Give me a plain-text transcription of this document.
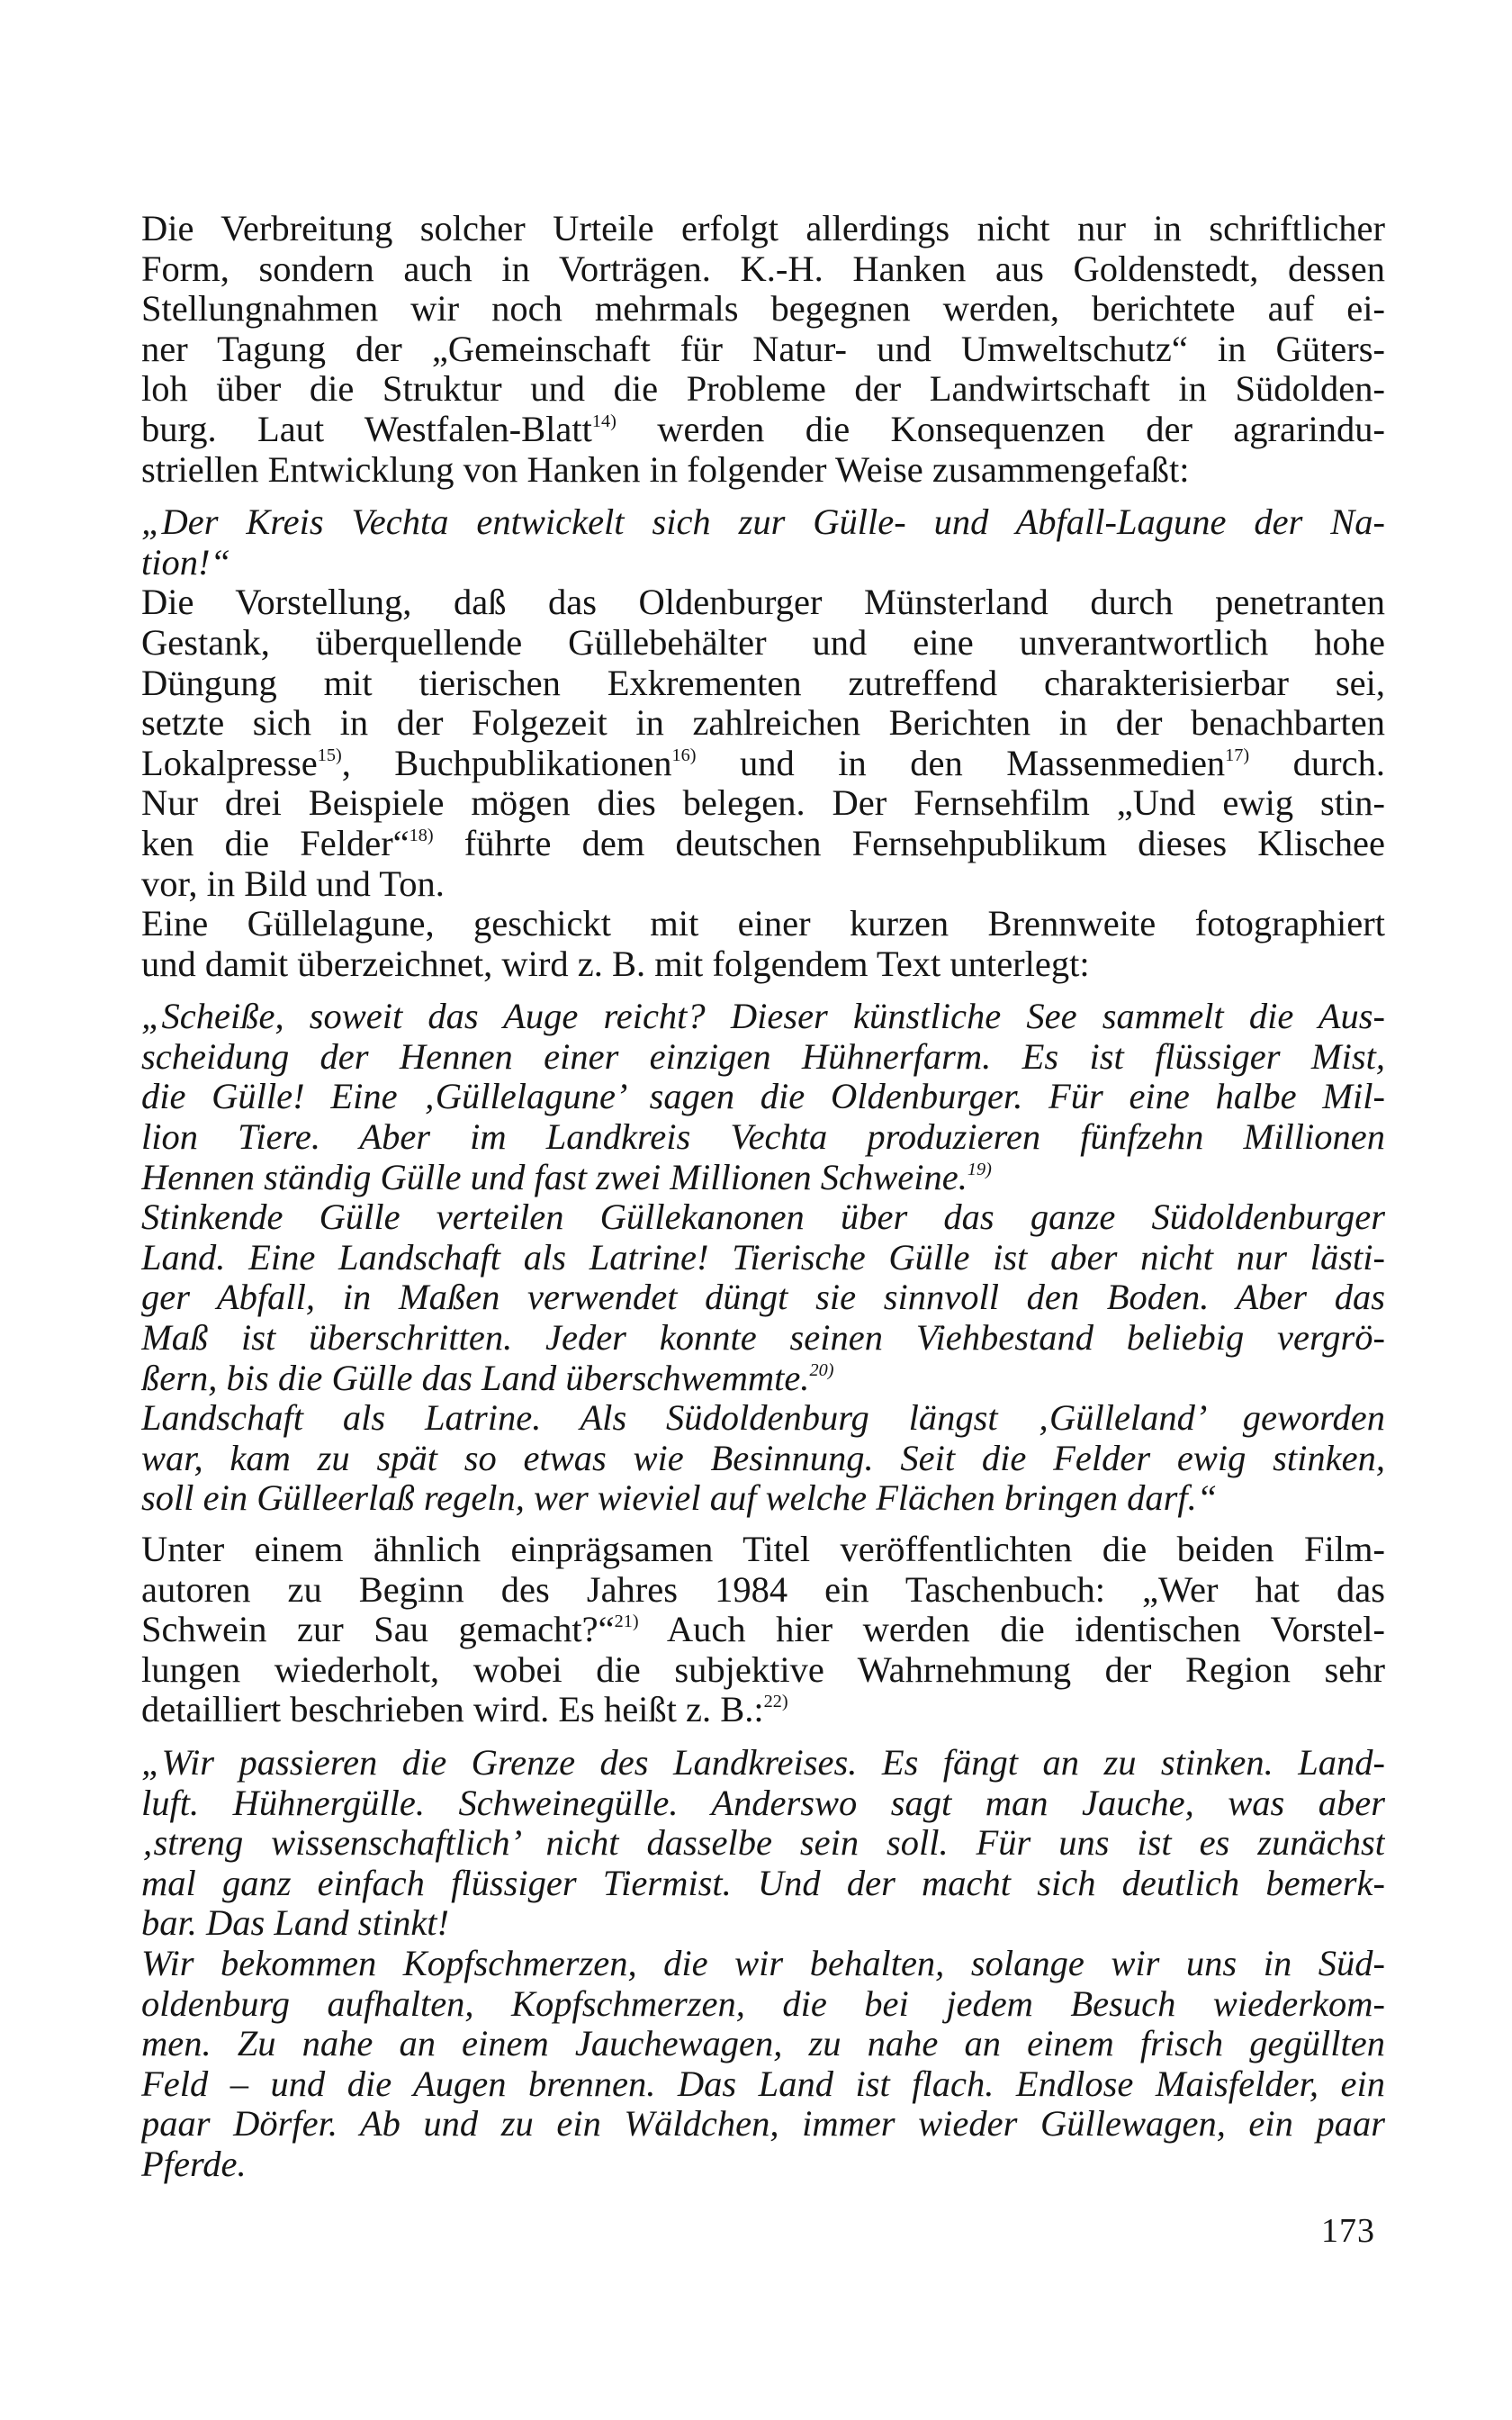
Die Verbreitung solcher Urteile erfolgt allerdings nicht nur in schriftlicher
Form, sondern auch in Vorträgen. K.-H. Hanken aus Goldenstedt, dessen
Stellungnahmen wir noch mehrmals begegnen werden, berichtete auf ei-
ner Tagung der „Gemeinschaft für Natur- und Umweltschutz“ in Güters-
loh über die Struktur und die Probleme der Landwirtschaft in Südolden-
burg. Laut Westfalen-Blatt$^{14)}$ werden die Konsequenzen der agrarindu-
striellen Entwicklung von Hanken in folgender Weise zusammengefaßt:

„Der Kreis Vechta entwickelt sich zur Gülle- und Abfall-Lagune der Na-
tion!“

Die Vorstellung, daß das Oldenburger Münsterland durch penetranten
Gestank, überquellende Güllebehälter und eine unverantwortlich hohe
Düngung mit tierischen Exkrementen zutreffend charakterisierbar sei,
setzte sich in der Folgezeit in zahlreichen Berichten in der benachbarten
Lokalpresse$^{15)}$, Buchpublikationen$^{16)}$ und in den Massenmedien$^{17)}$ durch.
Nur drei Beispiele mögen dies belegen. Der Fernsehfilm „Und ewig stin-
ken die Felder“$^{18)}$ führte dem deutschen Fernsehpublikum dieses Klischee
vor, in Bild und Ton.

Eine Güllelagune, geschickt mit einer kurzen Brennweite fotographiert
und damit überzeichnet, wird z. B. mit folgendem Text unterlegt:

„Scheiße, soweit das Auge reicht? Dieser künstliche See sammelt die Aus-
scheidung der Hennen einer einzigen Hühnerfarm. Es ist flüssiger Mist,
die Gülle! Eine ‚Güllelagune’ sagen die Oldenburger. Für eine halbe Mil-
lion Tiere. Aber im Landkreis Vechta produzieren fünfzehn Millionen
Hennen ständig Gülle und fast zwei Millionen Schweine.$^{19)}$
Stinkende Gülle verteilen Güllekanonen über das ganze Südoldenburger
Land. Eine Landschaft als Latrine! Tierische Gülle ist aber nicht nur lästi-
ger Abfall, in Maßen verwendet düngt sie sinnvoll den Boden. Aber das
Maß ist überschritten. Jeder konnte seinen Viehbestand beliebig vergrö-
ßern, bis die Gülle das Land überschwemmte.$^{20)}$
Landschaft als Latrine. Als Südoldenburg längst ‚Gülleland’ geworden
war, kam zu spät so etwas wie Besinnung. Seit die Felder ewig stinken,
soll ein Gülleerlaß regeln, wer wieviel auf welche Flächen bringen darf.“

Unter einem ähnlich einprägsamen Titel veröffentlichten die beiden Film-
autoren zu Beginn des Jahres 1984 ein Taschenbuch: „Wer hat das
Schwein zur Sau gemacht?“$^{21)}$ Auch hier werden die identischen Vorstel-
lungen wiederholt, wobei die subjektive Wahrnehmung der Region sehr
detailliert beschrieben wird. Es heißt z. B.:$^{22)}$

„Wir passieren die Grenze des Landkreises. Es fängt an zu stinken. Land-
luft. Hühnergülle. Schweinegülle. Anderswo sagt man Jauche, was aber
‚streng wissenschaftlich’ nicht dasselbe sein soll. Für uns ist es zunächst
mal ganz einfach flüssiger Tiermist. Und der macht sich deutlich bemerk-
bar. Das Land stinkt!
Wir bekommen Kopfschmerzen, die wir behalten, solange wir uns in Süd-
oldenburg aufhalten, Kopfschmerzen, die bei jedem Besuch wiederkom-
men. Zu nahe an einem Jauchewagen, zu nahe an einem frisch gegüllten
Feld – und die Augen brennen. Das Land ist flach. Endlose Maisfelder, ein
paar Dörfer. Ab und zu ein Wäldchen, immer wieder Güllewagen, ein paar
Pferde.
173
